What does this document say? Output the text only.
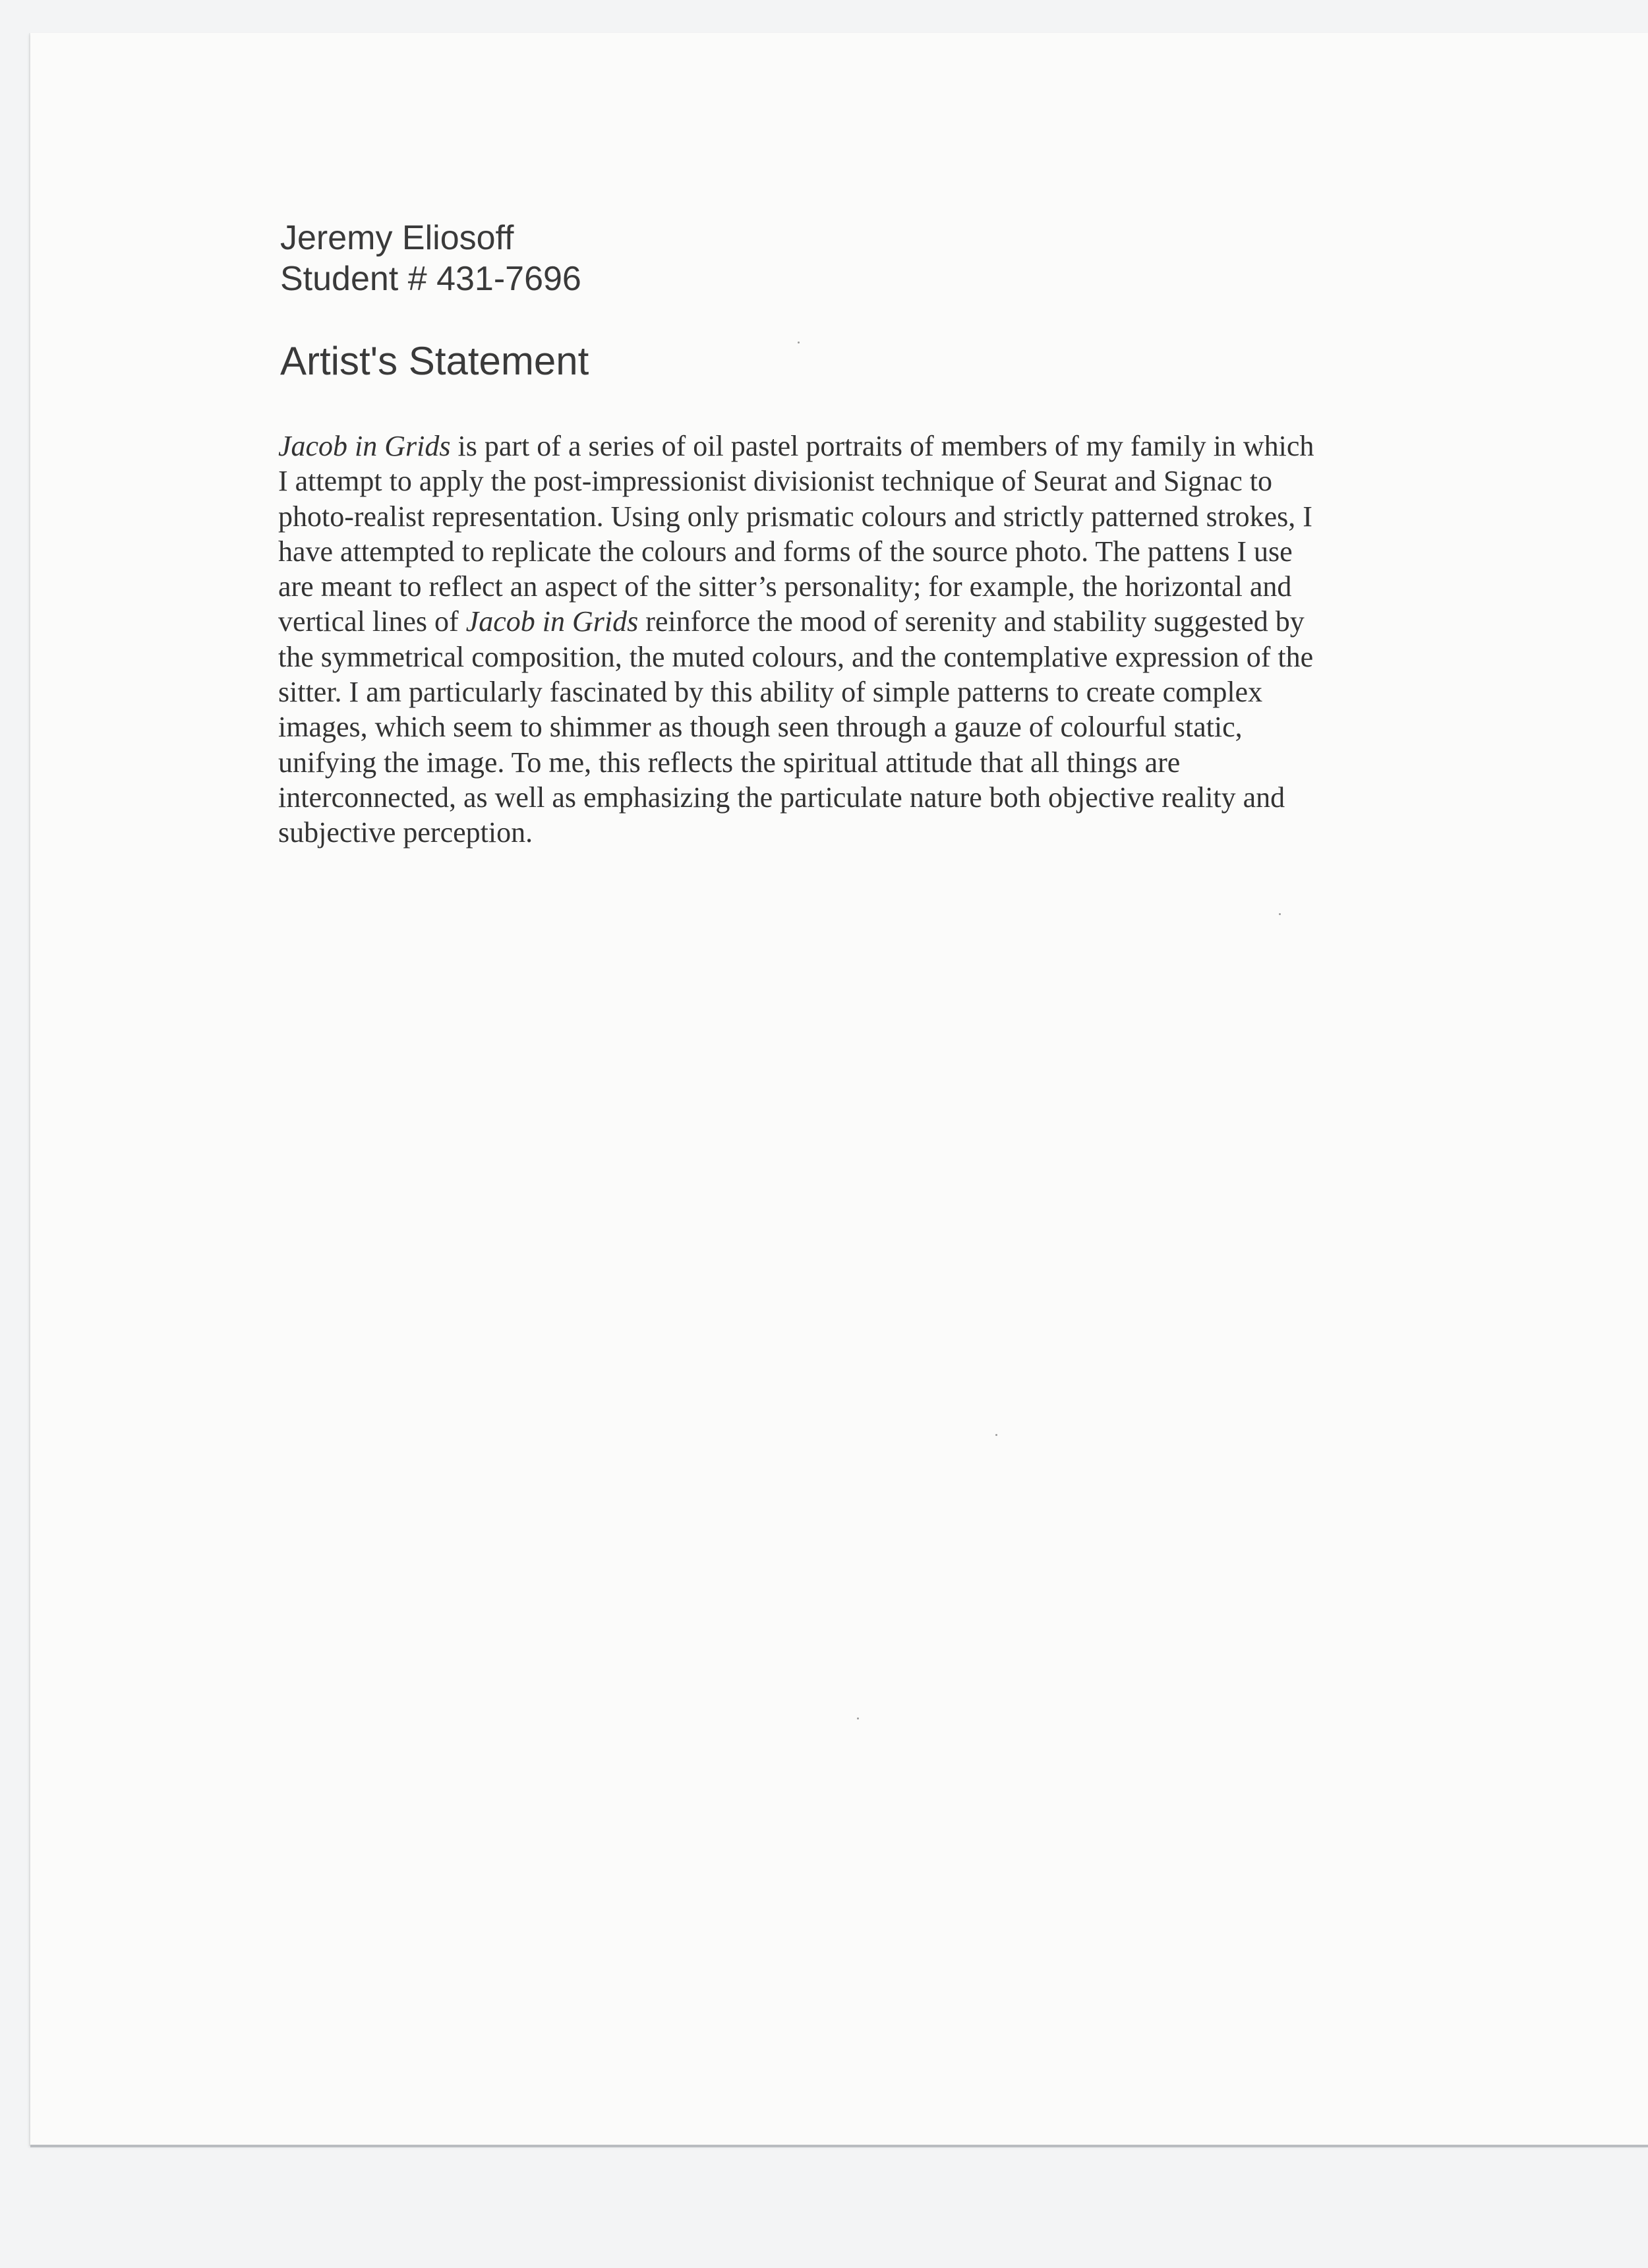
Jeremy Eliosoff
Student # 431-7696
Artist's Statement
Jacob in Grids is part of a series of oil pastel portraits of members of my family in which
I attempt to apply the post-impressionist divisionist technique of Seurat and Signac to
photo-realist representation. Using only prismatic colours and strictly patterned strokes, I
have attempted to replicate the colours and forms of the source photo. The pattens I use
are meant to reflect an aspect of the sitter’s personality; for example, the horizontal and
vertical lines of Jacob in Grids reinforce the mood of serenity and stability suggested by
the symmetrical composition, the muted colours, and the contemplative expression of the
sitter. I am particularly fascinated by this ability of simple patterns to create complex
images, which seem to shimmer as though seen through a gauze of colourful static,
unifying the image. To me, this reflects the spiritual attitude that all things are
interconnected, as well as emphasizing the particulate nature both objective reality and
subjective perception.
